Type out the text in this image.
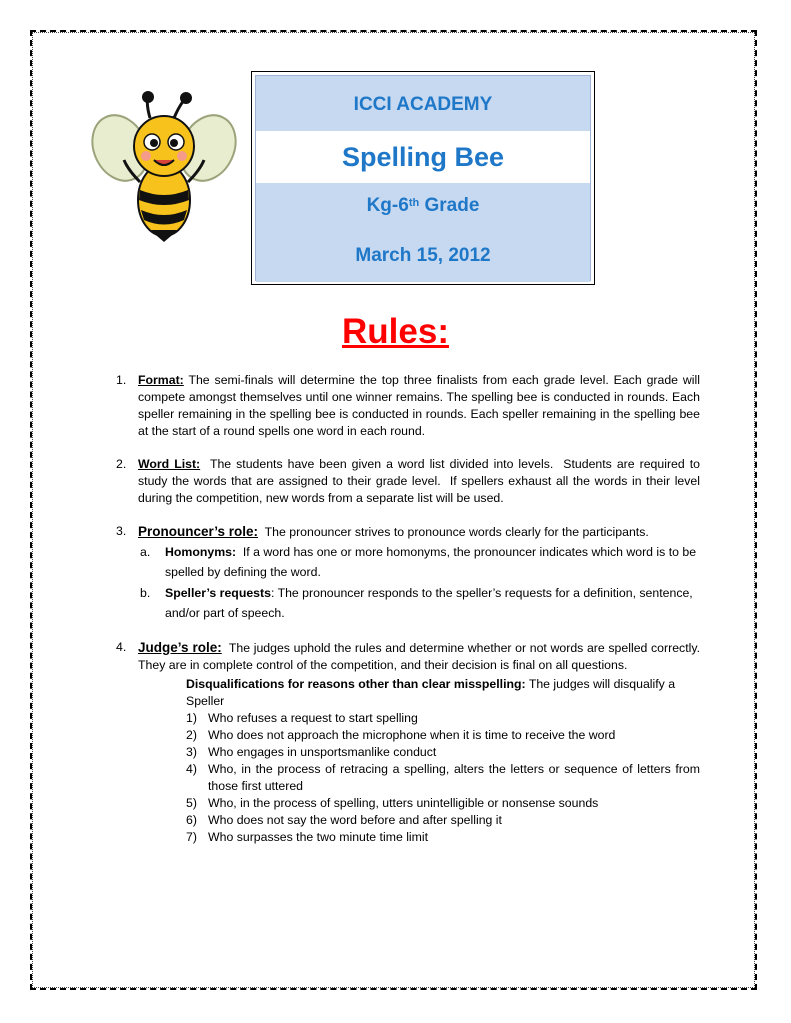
ICCI ACADEMY
Spelling Bee
Kg-6th Grade
March 15, 2012
Rules:
1. Format: The semi-finals will determine the top three finalists from each grade level. Each grade will compete amongst themselves until one winner remains. The spelling bee is conducted in rounds. Each speller remaining in the spelling bee is conducted in rounds. Each speller remaining in the spelling bee at the start of a round spells one word in each round.
2. Word List:  The students have been given a word list divided into levels.  Students are required to study the words that are assigned to their grade level.  If spellers exhaust all the words in their level during the competition, new words from a separate list will be used.
3. Pronouncer’s role:  The pronouncer strives to pronounce words clearly for the participants.
a. Homonyms:  If a word has one or more homonyms, the pronouncer indicates which word is to be spelled by defining the word.
b. Speller’s requests: The pronouncer responds to the speller’s requests for a definition, sentence, and/or part of speech.
4. Judge’s role:  The judges uphold the rules and determine whether or not words are spelled correctly.  They are in complete control of the competition, and their decision is final on all questions.
Disqualifications for reasons other than clear misspelling: The judges will disqualify a Speller
1) Who refuses a request to start spelling
2) Who does not approach the microphone when it is time to receive the word
3) Who engages in unsportsmanlike conduct
4) Who, in the process of retracing a spelling, alters the letters or sequence of letters from those first uttered
5) Who, in the process of spelling, utters unintelligible or nonsense sounds
6) Who does not say the word before and after spelling it
7) Who surpasses the two minute time limit
